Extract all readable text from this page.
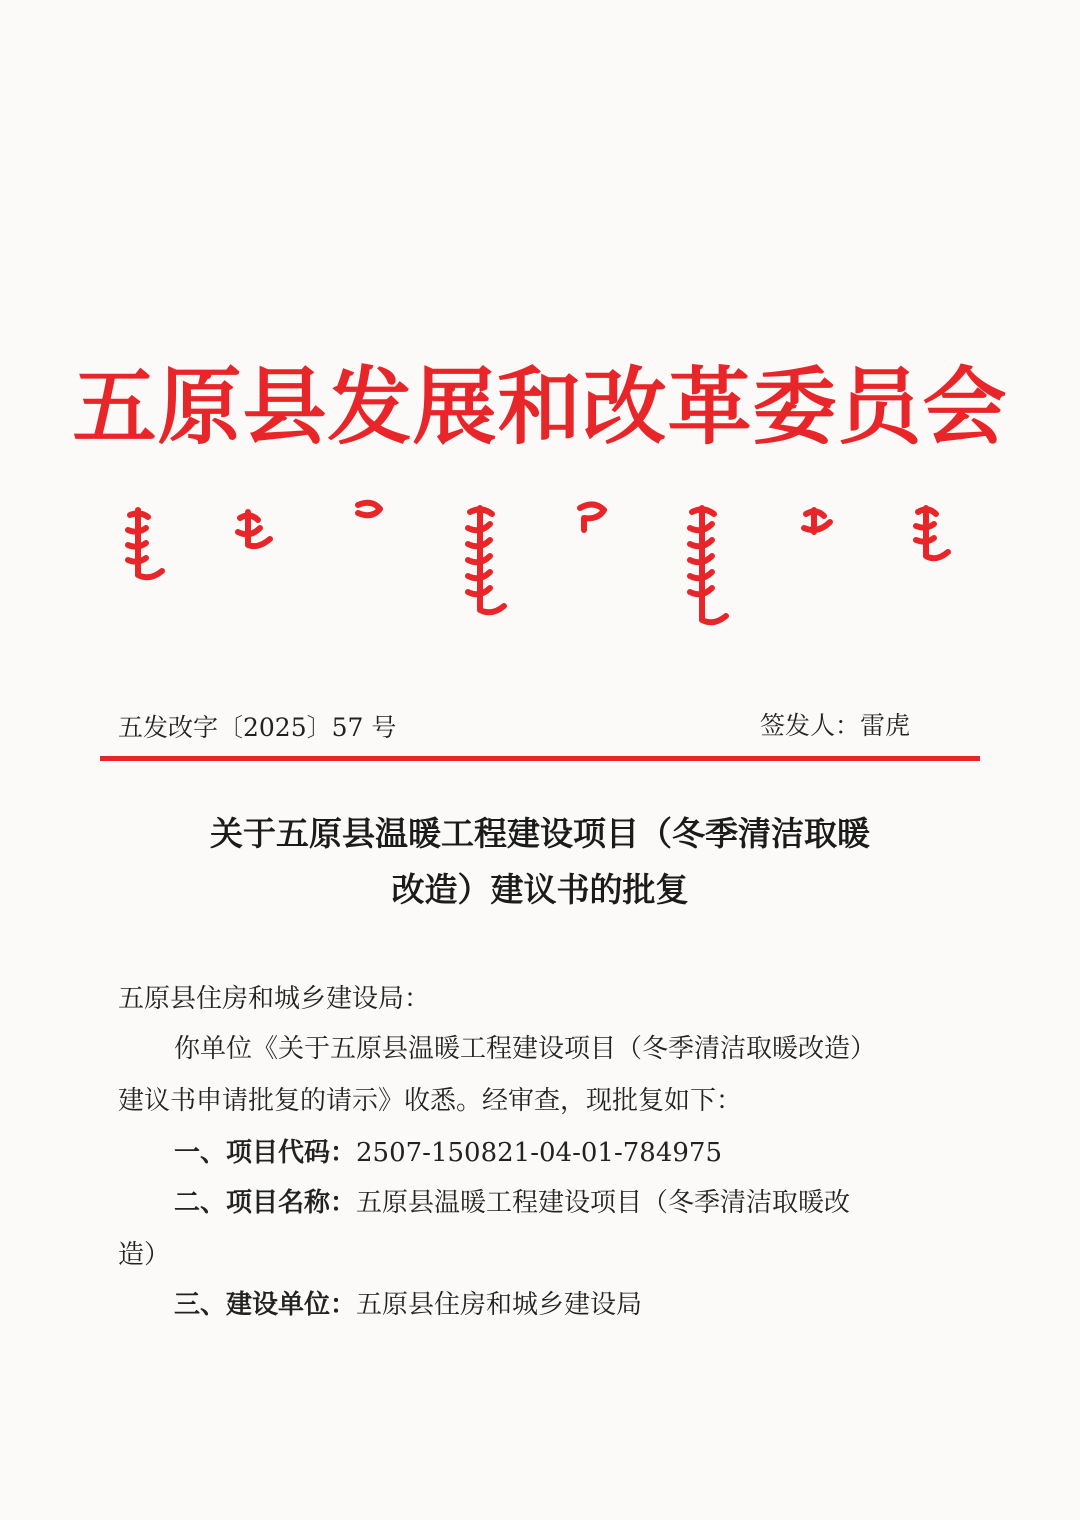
五原县发展和改革委员会
五发改字〔2025〕57 号	签发人：雷虎
关于五原县温暖工程建设项目（冬季清洁取暖
改造）建议书的批复
五原县住房和城乡建设局：
你单位《关于五原县温暖工程建设项目（冬季清洁取暖改造）
建议书申请批复的请示》收悉。经审查，现批复如下：
一、项目代码：2507-150821-04-01-784975
二、项目名称：五原县温暖工程建设项目（冬季清洁取暖改
造）
三、建设单位：五原县住房和城乡建设局
